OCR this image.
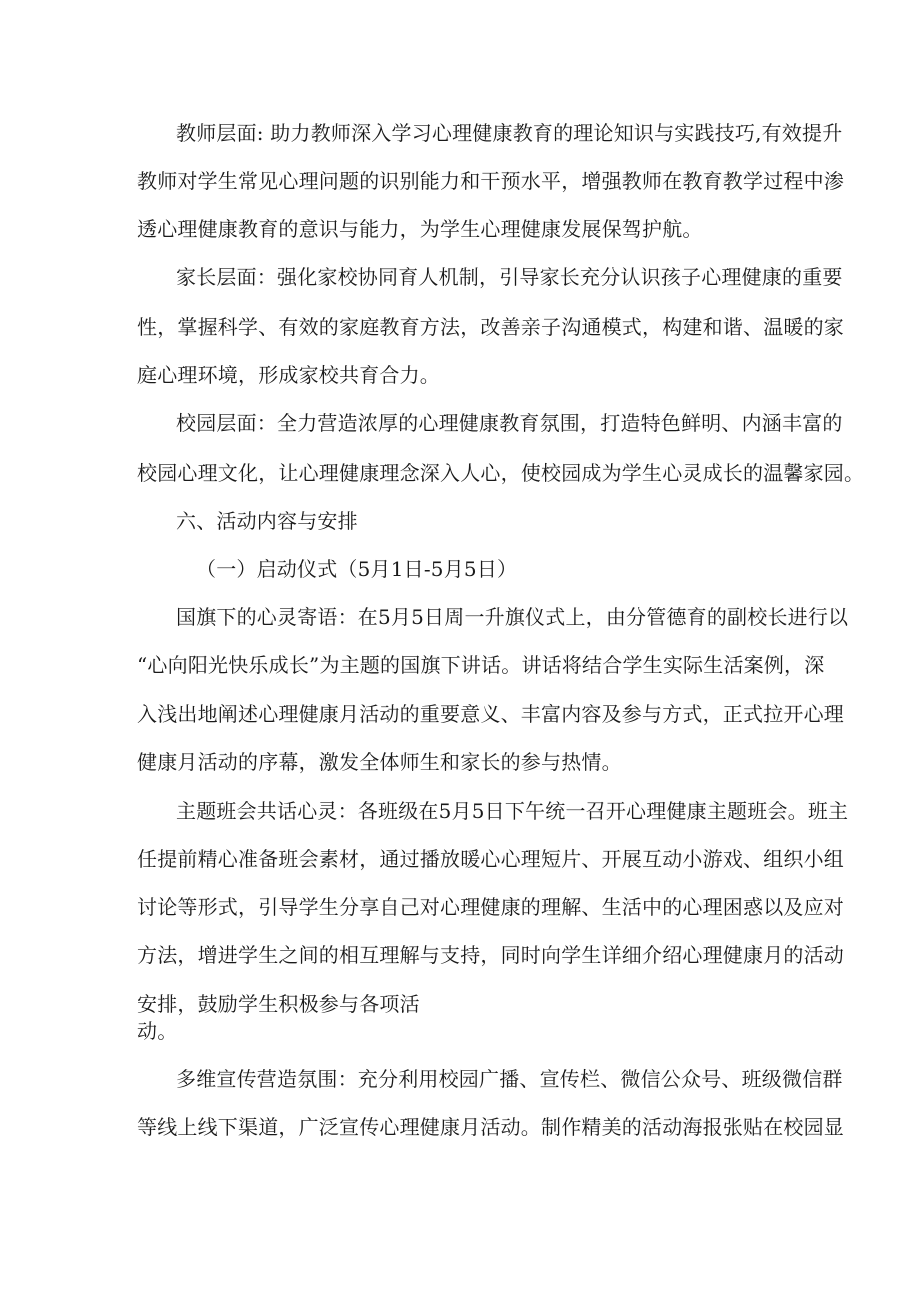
教师层面: 助力教师深入学习心理健康教育的理论知识与实践技巧,有效提升
教师对学生常见心理问题的识别能力和干预水平，增强教师在教育教学过程中渗
透心理健康教育的意识与能力，为学生心理健康发展保驾护航。
家长层面：强化家校协同育人机制，引导家长充分认识孩子心理健康的重要
性，掌握科学、有效的家庭教育方法，改善亲子沟通模式，构建和谐、温暖的家
庭心理环境，形成家校共育合力。
校园层面：全力营造浓厚的心理健康教育氛围，打造特色鲜明、内涵丰富的
校园心理文化，让心理健康理念深入人心，使校园成为学生心灵成长的温馨家园。
六、活动内容与安排
（一）启动仪式（5月1日-5月5日）
国旗下的心灵寄语：在5月5日周一升旗仪式上，由分管德育的副校长进行以
“心向阳光快乐成长”为主题的国旗下讲话。讲话将结合学生实际生活案例，深
入浅出地阐述心理健康月活动的重要意义、丰富内容及参与方式，正式拉开心理
健康月活动的序幕，激发全体师生和家长的参与热情。
主题班会共话心灵：各班级在5月5日下午统一召开心理健康主题班会。班主
任提前精心准备班会素材，通过播放暖心心理短片、开展互动小游戏、组织小组
讨论等形式，引导学生分享自己对心理健康的理解、生活中的心理困惑以及应对
方法，增进学生之间的相互理解与支持，同时向学生详细介绍心理健康月的活动
安排，鼓励学生积极参与各项活
动。
多维宣传营造氛围：充分利用校园广播、宣传栏、微信公众号、班级微信群
等线上线下渠道，广泛宣传心理健康月活动。制作精美的活动海报张贴在校园显
